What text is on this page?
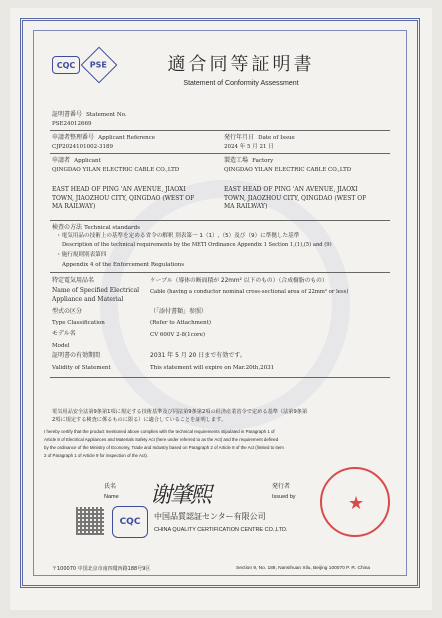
CQC	PSE	適合同等証明書
Statement of Conformity Assessment
証明書番号 Statement No.
PSE24012669
申請者整理番号 Applicant Reference
CJP2024101002-3189
発行年月日 Date of Issue
2024 年 5 月 21 日
申請者 Applicant
QINGDAO YILAN ELECTRIC CABLE CO.,LTD
EAST HEAD OF PING 'AN AVENUE, JIAOXI
TOWN, JIAOZHOU CITY, QINGDAO (WEST OF
MA RAILWAY)
製造工場 Factory
QINGDAO YILAN ELECTRIC CABLE CO.,LTD
EAST HEAD OF PING 'AN AVENUE, JIAOXI
TOWN, JIAOZHOU CITY, QINGDAO (WEST OF
MA RAILWAY)
検査の方法 Technical standards
・電気用品の技術上の基準を定める省令の解釈 別表第一 1（1）,（5）及び（9）に準拠した基準
Description of the technical requirements by the METI Ordinance Appendix 1 Section 1,(1),(5) and (9)
・施行規則別表第四
Appendix 4 of the Enforcement Regulations
特定電気用品名
Name of Specified Electrical
Appliance and Material
ケーブル（導体の断面積が 22mm² 以下のもの）（合成樹脂のもの）
Cable (having a conductor nominal cross-sectional area of 22mm² or less)
型式の区分
Type Classification
（「添付書類」参照）
(Refer to Attachment)
モデル名
Model
CV 600V 2-8(1core)
証明書の有効期間
Validity of Statement
2031 年 5 月 20 日まで有効です。
This statement will expire on Mar.20th,2031
電気用品安全法第9条第1項に規定する技術基準及び同法第9条第2項の経済産業省令で定める基準（法第9条第
2項に規定する検査に係るものに限る）に適合していることを証明します。
I hereby certify that the product mentioned above complies with the technical requirements stipulated in Paragraph 1 of
Article 8 of Electrical Appliances and Materials Safety Act (here under referred to as the Act) and the requirement defined
by the ordinance of the Ministry of Economy, Trade and Industry based on Paragraph 2 of Article 8 of the Act (limited to item
2 of Paragraph 1 of Article 9 for inspection of the Act).
氏名
Name 谢肇熙	発行者
Issued by	★
CQC
中国品質認証センター有限公司
CHINA QUALITY CERTIFICATION CENTRE CO.,LTD.
〒100070 中国北京市南四環西路188号9区	Section 9, No. 188, Nansihuan Xilu, Beijing 100070 P. R. China
